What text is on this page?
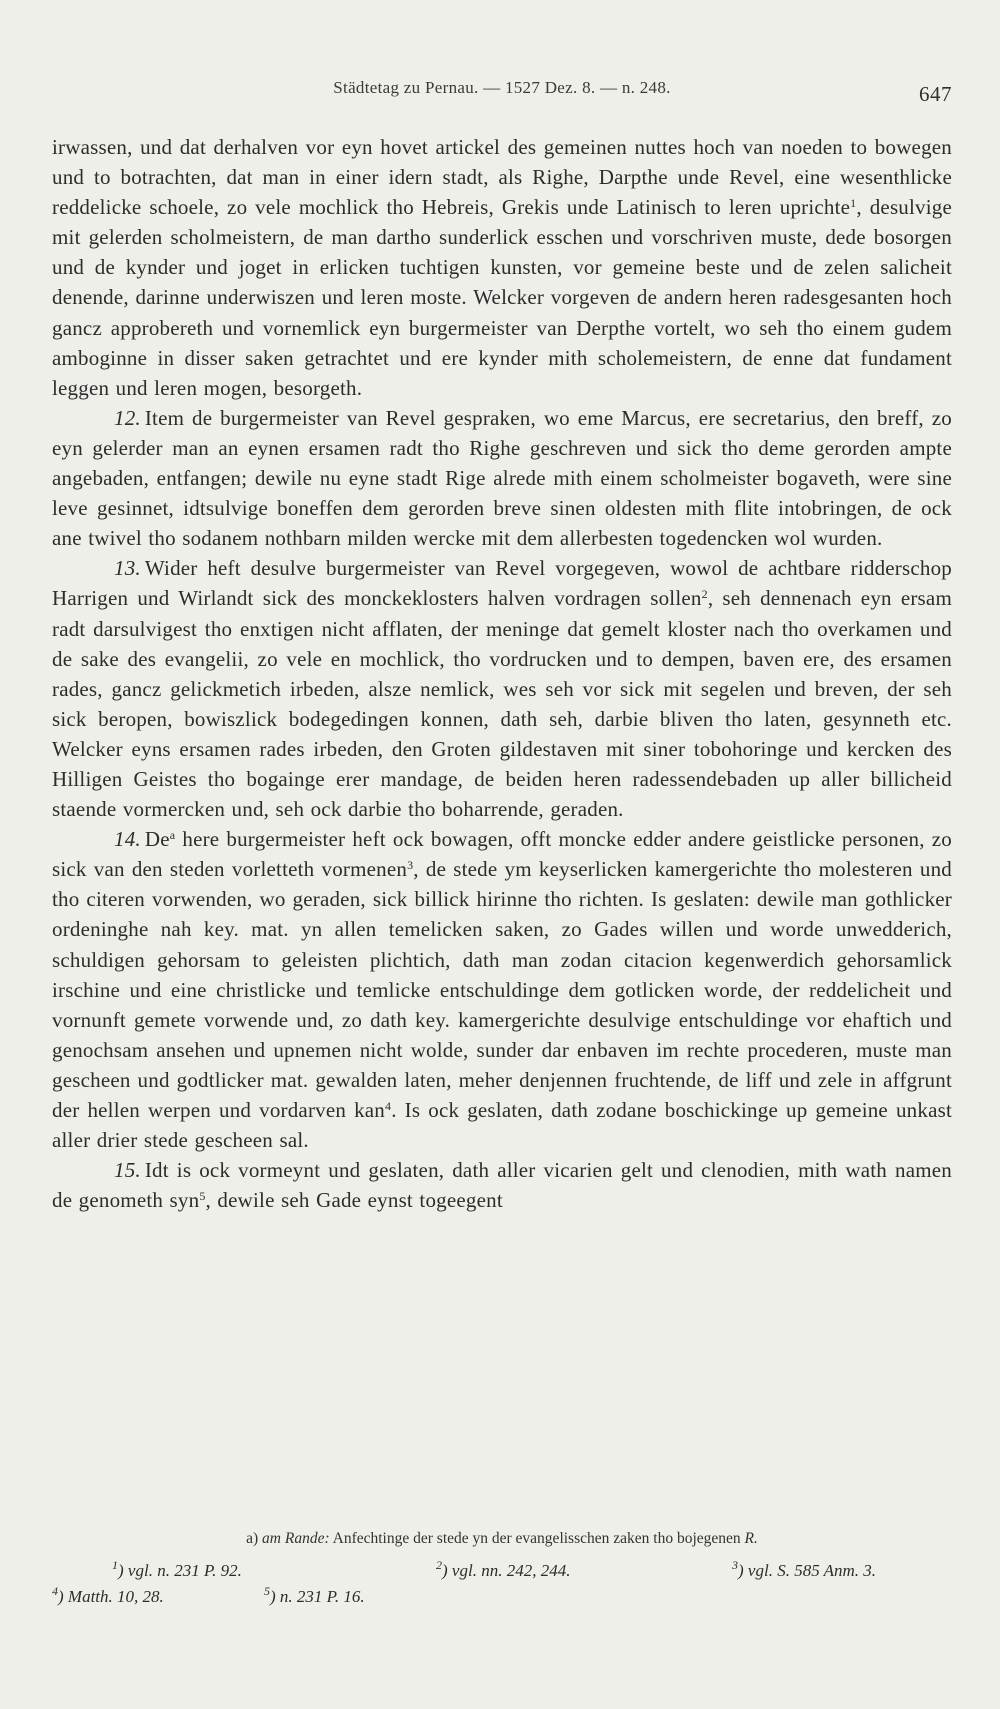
Städtetag zu Pernau. — 1527 Dez. 8. — n. 248.	647

irwassen, und dat derhalven vor eyn hovet artickel des gemeinen nuttes hoch van noeden to bowegen und to botrachten, dat man in einer idern stadt, als Righe, Darpthe unde Revel, eine wesenthlicke reddelicke schoele, zo vele mochlick tho Hebreis, Grekis unde Latinisch to leren uprichte$^1$, desulvige mit gelerden scholmeistern, de man dartho sunderlick esschen und vorschriven muste, dede bosorgen und de kynder und joget in erlicken tuchtigen kunsten, vor gemeine beste und de zelen salicheit denende, darinne underwiszen und leren moste. Welcker vorgeven de andern heren radesgesanten hoch gancz approbereth und vornemlick eyn burgermeister van Derpthe vortelt, wo seh tho einem gudem amboginne in disser saken getrachtet und ere kynder mith scholemeistern, de enne dat fundament leggen und leren mogen, besorgeth.

12. Item de burgermeister van Revel gespraken, wo eme Marcus, ere secretarius, den breff, zo eyn gelerder man an eynen ersamen radt tho Righe geschreven und sick tho deme gerorden ampte angebaden, entfangen; dewile nu eyne stadt Rige alrede mith einem scholmeister bogaveth, were sine leve gesinnet, idtsulvige boneffen dem gerorden breve sinen oldesten mith flite intobringen, de ock ane twivel tho sodanem nothbarn milden wercke mit dem allerbesten togedencken wol wurden.

13. Wider heft desulve burgermeister van Revel vorgegeven, wowol de achtbare ridderschop Harrigen und Wirlandt sick des monckeklosters halven vordragen sollen$^2$, seh dennenach eyn ersam radt darsulvigest tho enxtigen nicht afflaten, der meninge dat gemelt kloster nach tho overkamen und de sake des evangelii, zo vele en mochlick, tho vordrucken und to dempen, baven ere, des ersamen rades, gancz gelickmetich irbeden, alsze nemlick, wes seh vor sick mit segelen und breven, der seh sick beropen, bowiszlick bodegedingen konnen, dath seh, darbie bliven tho laten, gesynneth etc. Welcker eyns ersamen rades irbeden, den Groten gildestaven mit siner tobohoringe und kercken des Hilligen Geistes tho bogainge erer mandage, de beiden heren radessendebaden up aller billicheid staende vormercken und, seh ock darbie tho boharrende, geraden.

14. De$^a$ here burgermeister heft ock bowagen, offt moncke edder andere geistlicke personen, zo sick van den steden vorletteth vormenen$^3$, de stede ym keyserlicken kamergerichte tho molesteren und tho citeren vorwenden, wo geraden, sick billick hirinne tho richten. Is geslaten: dewile man gothlicker ordeninghe nah key. mat. yn allen temelicken saken, zo Gades willen und worde unwedderich, schuldigen gehorsam to geleisten plichtich, dath man zodan citacion kegenwerdich gehorsamlick irschine und eine christlicke und temlicke entschuldinge dem gotlicken worde, der reddelicheit und vornunft gemete vorwende und, zo dath key. kamergerichte desulvige entschuldinge vor ehaftich und genochsam ansehen und upnemen nicht wolde, sunder dar enbaven im rechte procederen, muste man gescheen und godtlicker mat. gewalden laten, meher denjennen fruchtende, de liff und zele in affgrunt der hellen werpen und vordarven kan$^4$. Is ock geslaten, dath zodane boschickinge up gemeine unkast aller drier stede gescheen sal.

15. Idt is ock vormeynt und geslaten, dath aller vicarien gelt und clenodien, mith wath namen de genometh syn$^5$, dewile seh Gade eynst togeegent

a) am Rande: Anfechtinge der stede yn der evangelisschen zaken tho bojegenen R.
$^1$) vgl. n. 231 P. 92.	$^2$) vgl. nn. 242, 244.	$^3$) vgl. S. 585 Anm. 3.
$^4$) Matth. 10, 28.	$^5$) n. 231 P. 16.
